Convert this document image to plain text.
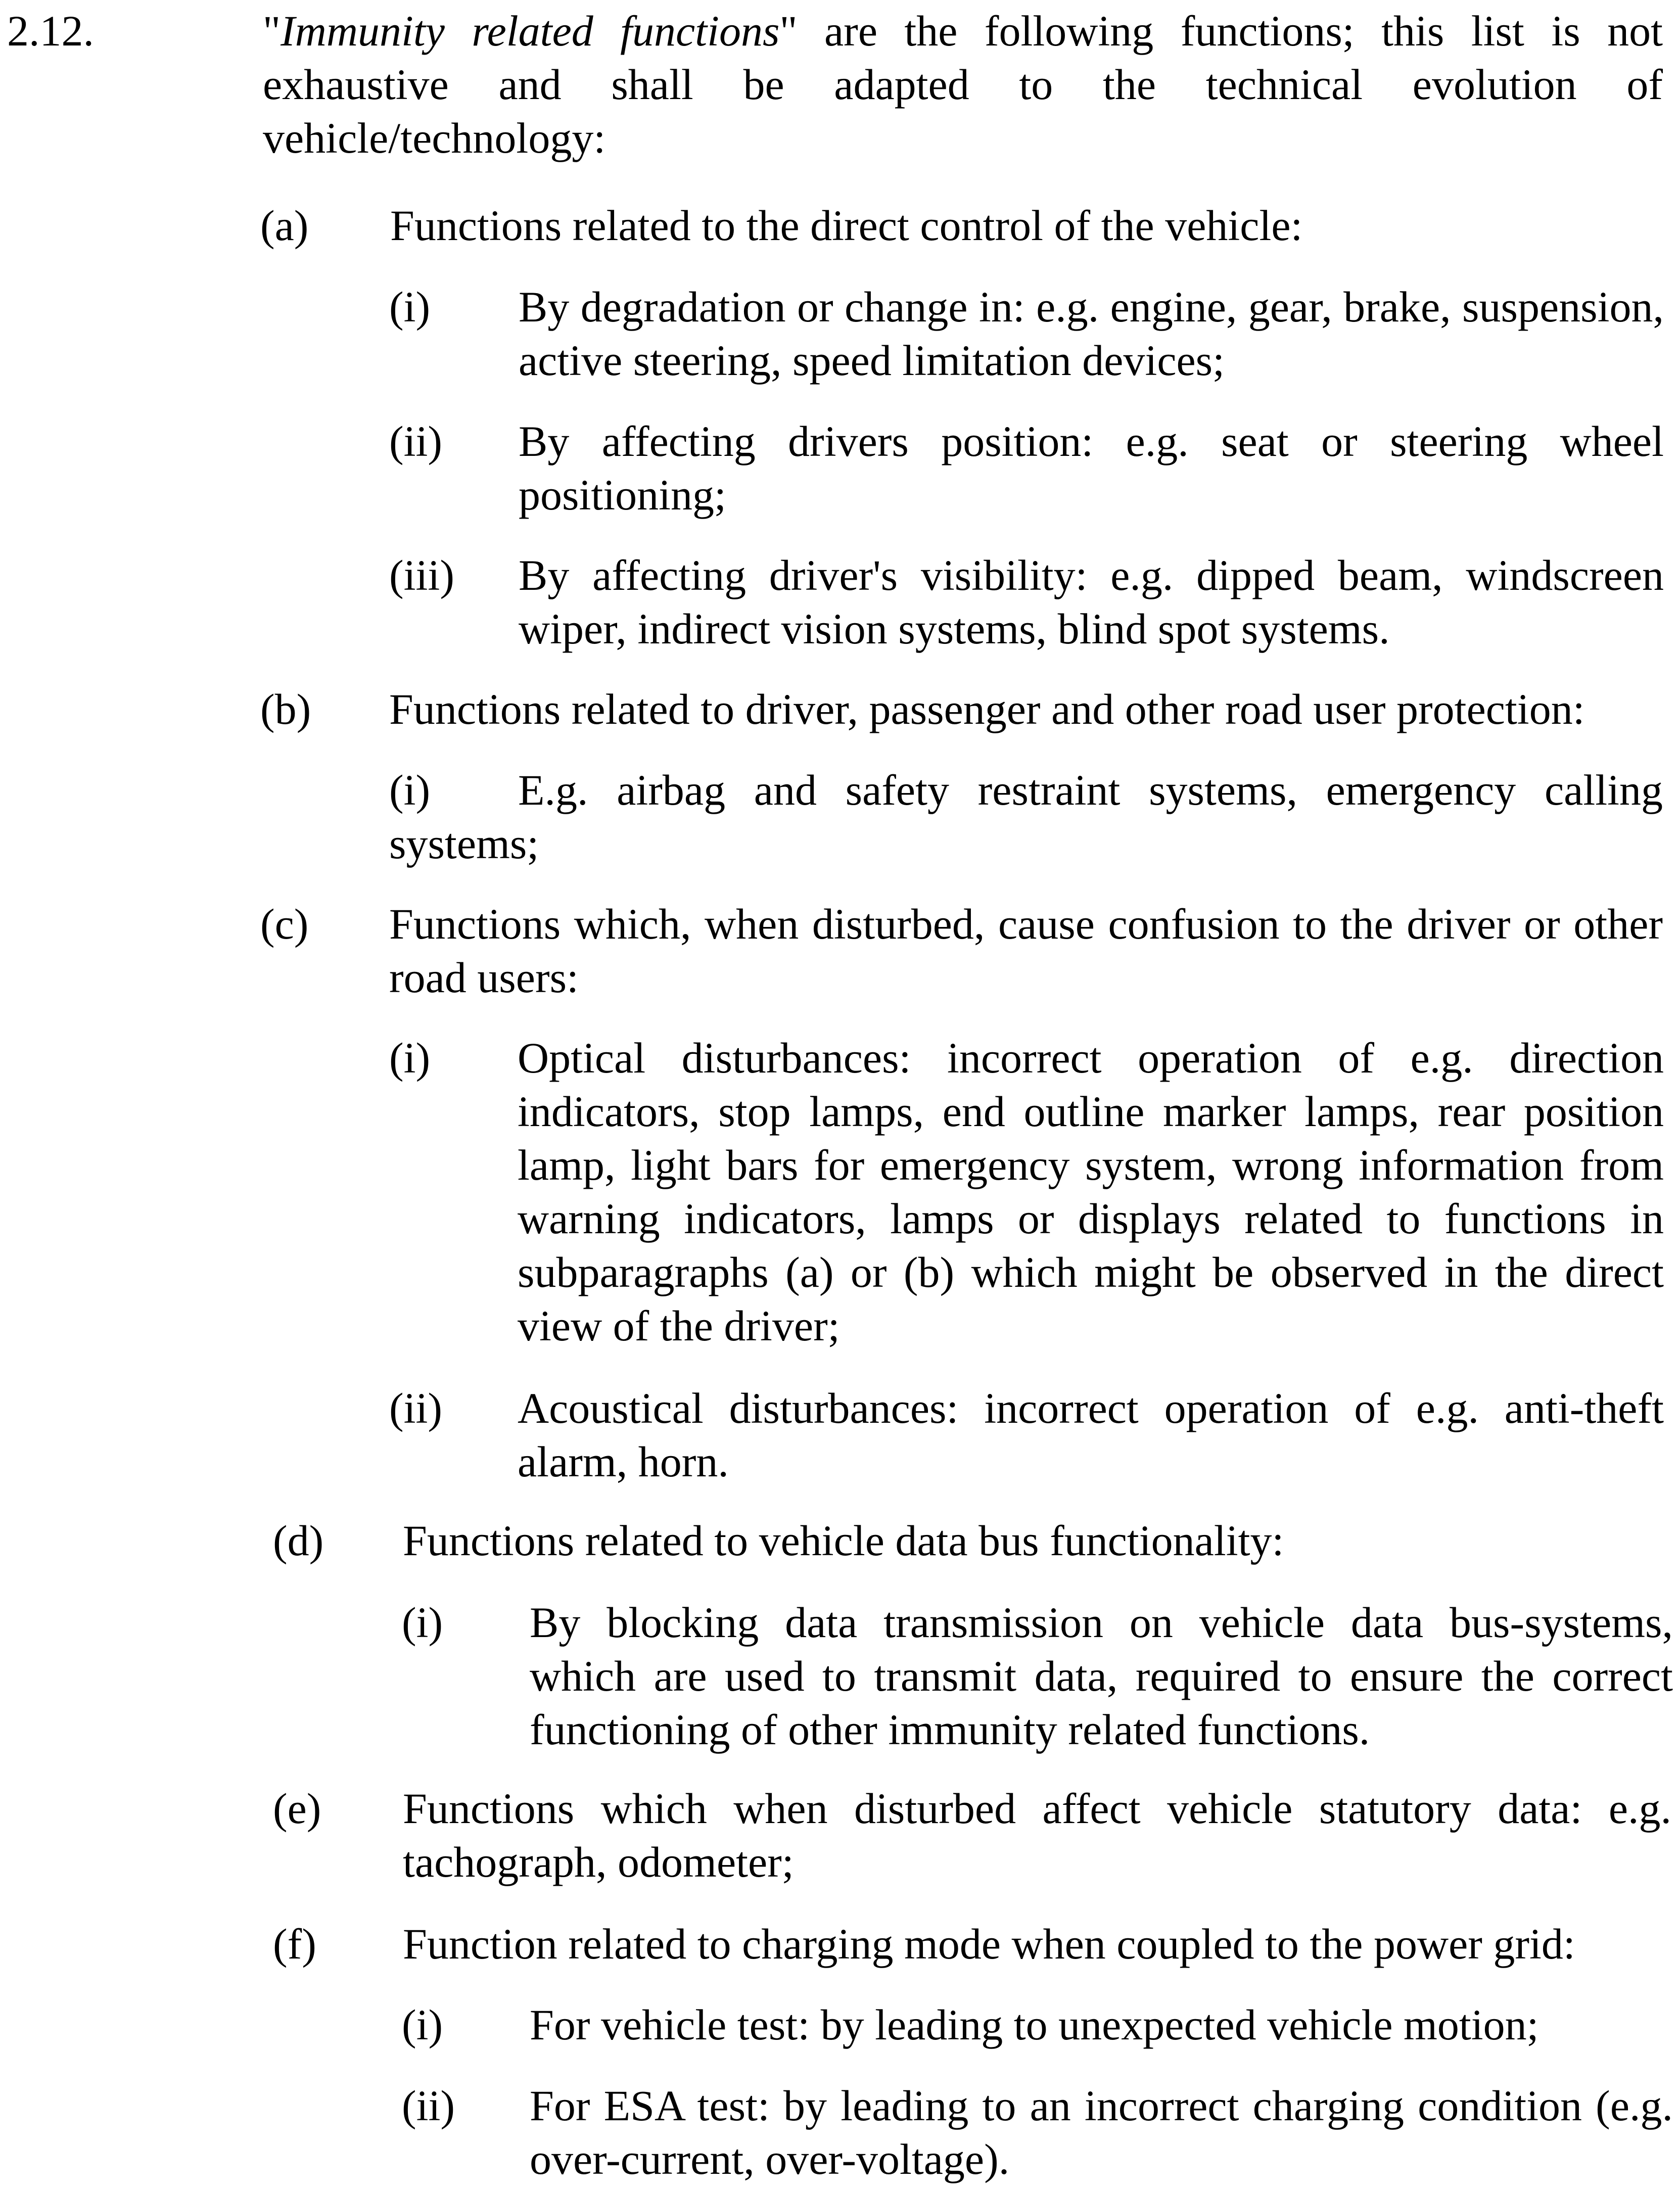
2.12.	"Immunity related functions" are the following functions; this list is not exhaustive and shall be adapted to the technical evolution of vehicle/technology:
(a) Functions related to the direct control of the vehicle:
(i) By degradation or change in: e.g. engine, gear, brake, suspension, active steering, speed limitation devices;
(ii) By affecting drivers position: e.g. seat or steering wheel positioning;
(iii) By affecting driver's visibility: e.g. dipped beam, windscreen wiper, indirect vision systems, blind spot systems.
(b) Functions related to driver, passenger and other road user protection:
(i) E.g. airbag and safety restraint systems, emergency calling systems;
(c) Functions which, when disturbed, cause confusion to the driver or other road users:
(i) Optical disturbances: incorrect operation of e.g. direction indicators, stop lamps, end outline marker lamps, rear position lamp, light bars for emergency system, wrong information from warning indicators, lamps or displays related to functions in subparagraphs (a) or (b) which might be observed in the direct view of the driver;
(ii) Acoustical disturbances: incorrect operation of e.g. anti-theft alarm, horn.
(d) Functions related to vehicle data bus functionality:
(i) By blocking data transmission on vehicle data bus-systems, which are used to transmit data, required to ensure the correct functioning of other immunity related functions.
(e) Functions which when disturbed affect vehicle statutory data: e.g. tachograph, odometer;
(f) Function related to charging mode when coupled to the power grid:
(i) For vehicle test: by leading to unexpected vehicle motion;
(ii) For ESA test: by leading to an incorrect charging condition (e.g. over-current, over-voltage).
